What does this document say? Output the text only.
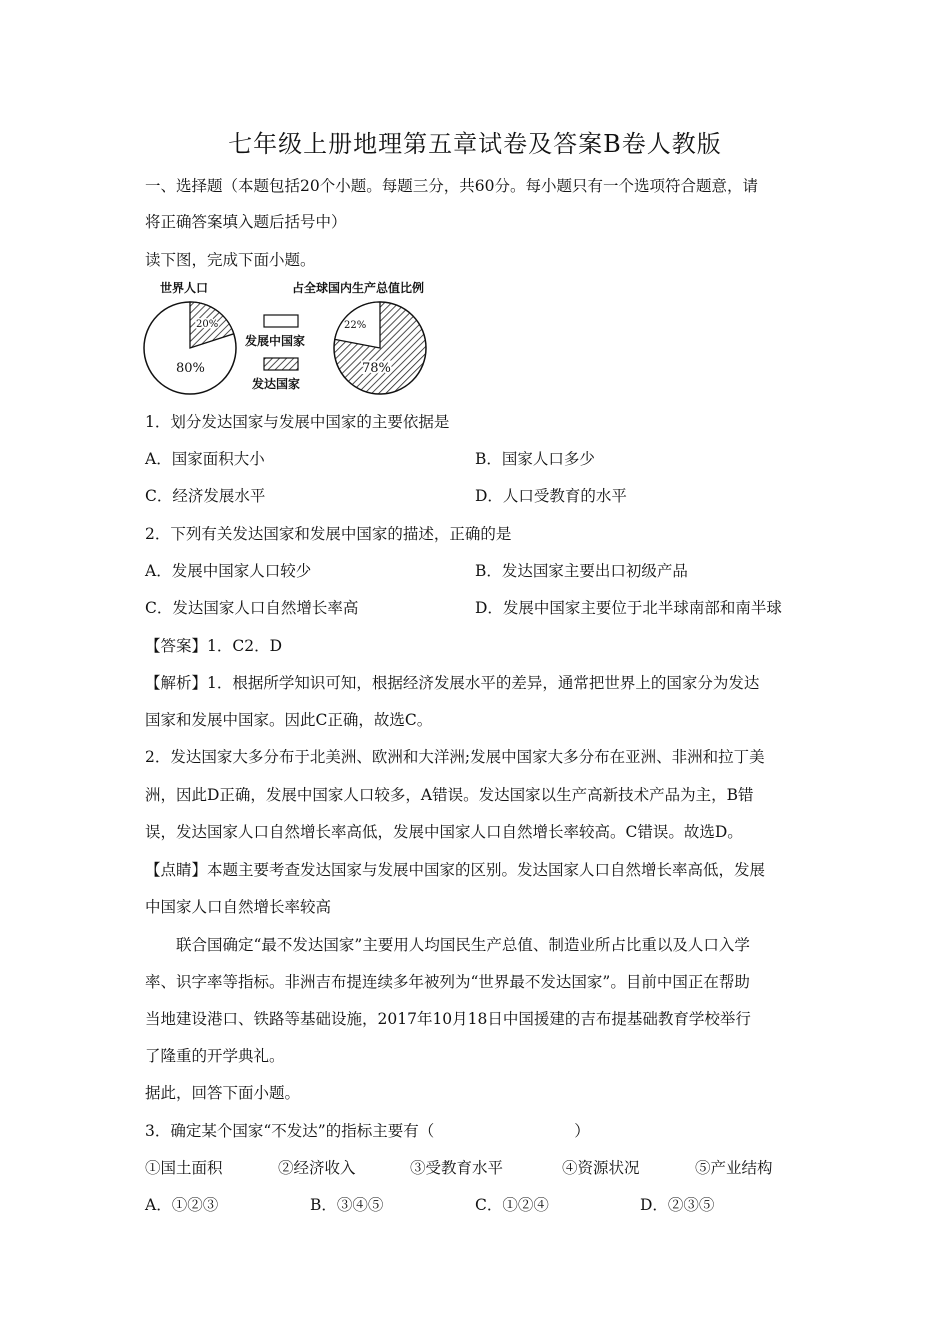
七年级上册地理第五章试卷及答案B卷人教版
一、选择题（本题包括20个小题。每题三分，共60分。每小题只有一个选项符合题意，请
将正确答案填入题后括号中）
读下图，完成下面小题。
世界人口	占全球国内生产总值比例
20%
80%
发展中国家
发达国家
22%
78%
1．划分发达国家与发展中国家的主要依据是
A．国家面积大小	B．国家人口多少
C．经济发展水平	D．人口受教育的水平
2．下列有关发达国家和发展中国家的描述，正确的是
A．发展中国家人口较少	B．发达国家主要出口初级产品
C．发达国家人口自然增长率高	D．发展中国家主要位于北半球南部和南半球
【答案】1．C2．D
【解析】1．根据所学知识可知，根据经济发展水平的差异，通常把世界上的国家分为发达
国家和发展中国家。因此C正确，故选C。
2．发达国家大多分布于北美洲、欧洲和大洋洲;发展中国家大多分布在亚洲、非洲和拉丁美
洲，因此D正确，发展中国家人口较多，A错误。发达国家以生产高新技术产品为主，B错
误，发达国家人口自然增长率高低，发展中国家人口自然增长率较高。C错误。故选D。
【点睛】本题主要考查发达国家与发展中国家的区别。发达国家人口自然增长率高低，发展
中国家人口自然增长率较高
联合国确定“最不发达国家”主要用人均国民生产总值、制造业所占比重以及人口入学
率、识字率等指标。非洲吉布提连续多年被列为“世界最不发达国家”。目前中国正在帮助
当地建设港口、铁路等基础设施，2017年10月18日中国援建的吉布提基础教育学校举行
了隆重的开学典礼。
据此，回答下面小题。
3．确定某个国家“不发达”的指标主要有（	）
①国土面积	②经济收入	③受教育水平	④资源状况	⑤产业结构
A．①②③	B．③④⑤	C．①②④	D．②③⑤
